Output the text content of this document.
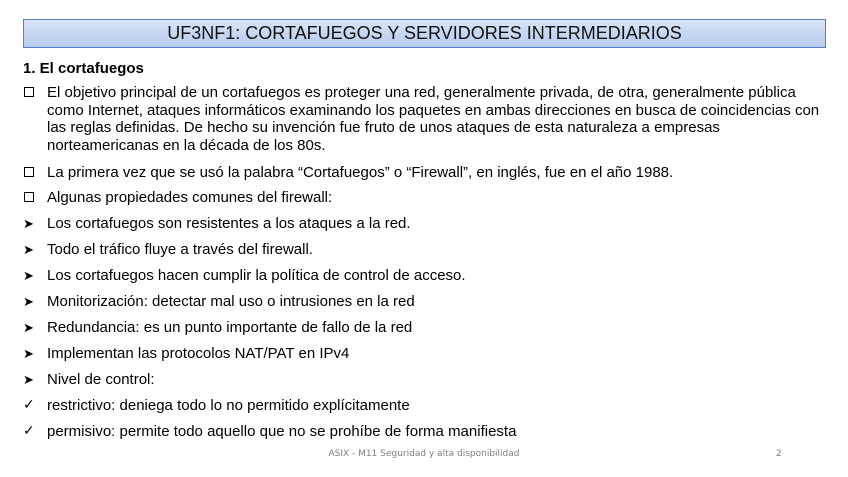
UF3NF1: CORTAFUEGOS Y SERVIDORES INTERMEDIARIOS
1. El cortafuegos
El objetivo principal de un cortafuegos es proteger una red, generalmente privada, de otra, generalmente pública como Internet, ataques informáticos examinando los paquetes en ambas direcciones en busca de coincidencias con las reglas definidas. De hecho su invención fue fruto de unos ataques de esta naturaleza a empresas norteamericanas en la década de los 80s.
La primera vez que se usó la palabra “Cortafuegos” o “Firewall”, en inglés, fue en el año 1988.
Algunas propiedades comunes del firewall:
➤ Los cortafuegos son resistentes a los ataques a la red.
➤ Todo el tráfico fluye a través del firewall.
➤ Los cortafuegos hacen cumplir la política de control de acceso.
➤ Monitorización: detectar mal uso o intrusiones en la red
➤ Redundancia: es un punto importante de fallo de la red
➤ Implementan las protocolos NAT/PAT en IPv4
➤ Nivel de control:
✓ restrictivo: deniega todo lo no permitido explícitamente
✓ permisivo: permite todo aquello que no se prohíbe de forma manifiesta
ASIX - M11 Seguridad y alta disponibilidad	2
